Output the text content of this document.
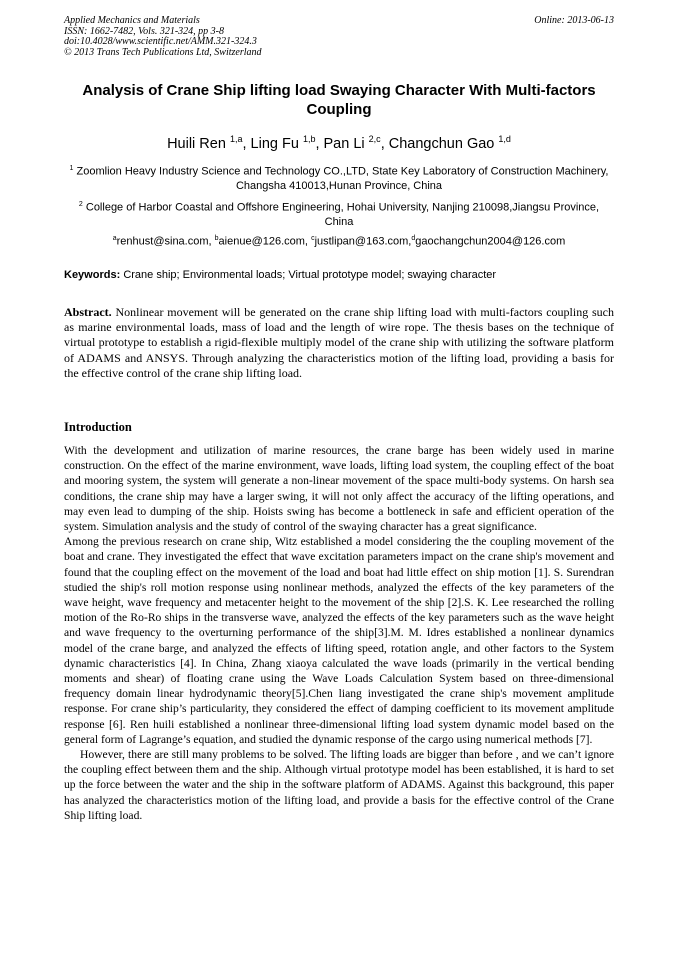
Applied Mechanics and Materials
ISSN: 1662-7482, Vols. 321-324, pp 3-8
doi:10.4028/www.scientific.net/AMM.321-324.3
© 2013 Trans Tech Publications Ltd, Switzerland
Online: 2013-06-13
Analysis of Crane Ship lifting load Swaying Character With Multi-factors Coupling
Huili Ren $^{1,a}$, Ling Fu $^{1,b}$, Pan Li $^{2,c}$, Changchun Gao $^{1,d}$
$^1$ Zoomlion Heavy Industry Science and Technology CO.,LTD, State Key Laboratory of Construction Machinery, Changsha 410013,Hunan Province, China
$^2$ College of Harbor Coastal and Offshore Engineering, Hohai University, Nanjing 210098,Jiangsu Province, China
$^a$renhust@sina.com, $^b$aienue@126.com, $^c$justlipan@163.com,$^d$gaochangchun2004@126.com
Keywords: Crane ship; Environmental loads; Virtual prototype model; swaying character

Abstract. Nonlinear movement will be generated on the crane ship lifting load with multi-factors coupling such as marine environmental loads, mass of load and the length of wire rope. The thesis bases on the technique of virtual prototype to establish a rigid-flexible multiply model of the crane ship with utilizing the software platform of ADAMS and ANSYS. Through analyzing the characteristics motion of the lifting load, providing a basis for the effective control of the crane ship lifting load.

Introduction

With the development and utilization of marine resources, the crane barge has been widely used in marine construction. On the effect of the marine environment, wave loads, lifting load system, the coupling effect of the boat and mooring system, the system will generate a non-linear movement of the space multi-body systems. On harsh sea conditions, the crane ship may have a larger swing, it will not only affect the accuracy of the lifting operations, and may even lead to dumping of the ship. Hoists swing has become a bottleneck in safe and efficient operation of the system. Simulation analysis and the study of control of the swaying character has a great significance.

Among the previous research on crane ship, Witz established a model considering the the coupling movement of the boat and crane. They investigated the effect that wave excitation parameters impact on the crane ship's movement and found that the coupling effect on the movement of the load and boat had little effect on ship motion [1]. S. Surendran studied the ship's roll motion response using nonlinear methods, analyzed the effects of the key parameters of the wave height, wave frequency and metacenter height to the movement of the ship [2].S. K. Lee researched the rolling motion of the Ro-Ro ships in the transverse wave, analyzed the effects of the key parameters such as the wave height and wave frequency to the overturning performance of the ship[3].M. M. Idres established a nonlinear dynamics model of the crane barge, and analyzed the effects of lifting speed, rotation angle, and other factors to the System dynamic characteristics [4]. In China, Zhang xiaoya calculated the wave loads (primarily in the vertical bending moments and shear) of floating crane using the Wave Loads Calculation System based on three-dimensional frequency domain linear hydrodynamic theory[5].Chen liang investigated the crane ship's movement amplitude response. For crane ship’s particularity, they considered the effect of damping coefficient to its movement amplitude response [6]. Ren huili established a nonlinear three-dimensional lifting load system dynamic model based on the general form of Lagrange’s equation, and studied the dynamic response of the cargo using numerical methods [7].

However, there are still many problems to be solved. The lifting loads are bigger than before , and we can’t ignore the coupling effect between them and the ship. Although virtual prototype model has been established, it is hard to set up the force between the water and the ship in the software platform of ADAMS. Against this background, this paper has analyzed the characteristics motion of the lifting load, and provide a basis for the effective control of the Crane Ship lifting load.
